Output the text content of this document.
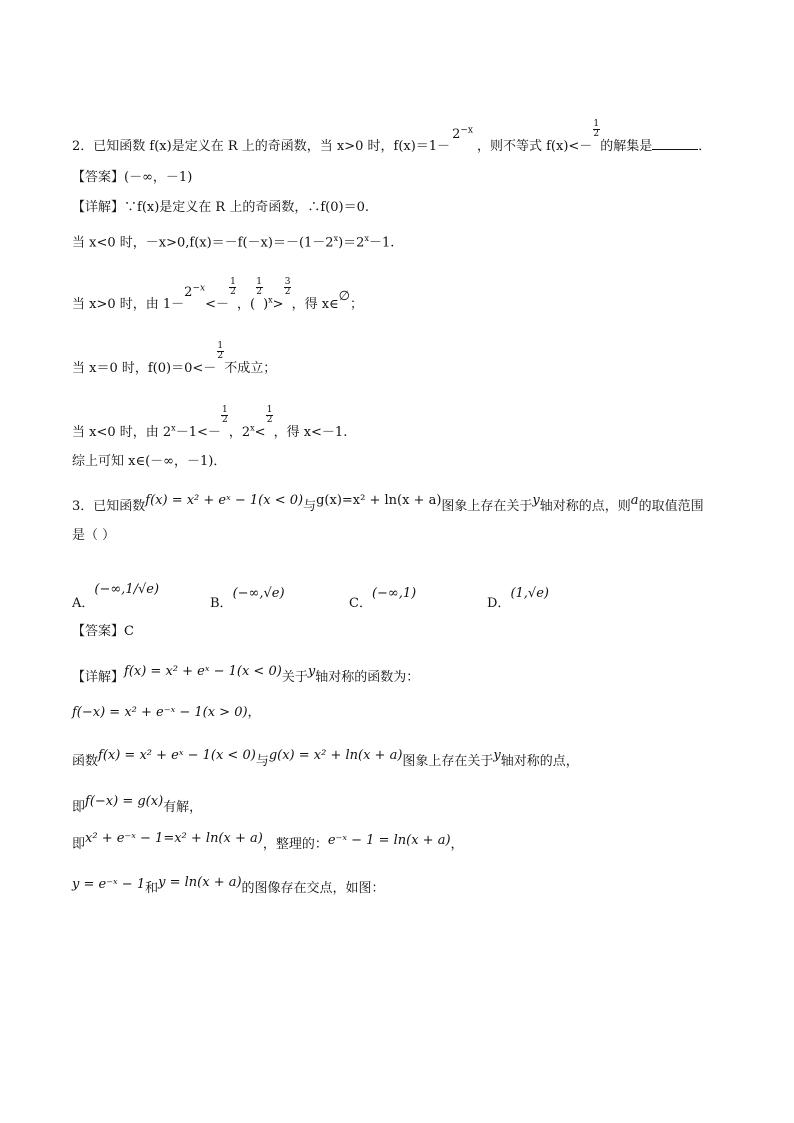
2．已知函数 f(x)是定义在 R 上的奇函数，当 x>0 时，$f(x)=1-2^{-x}$，则不等式 f(x)<－
$\frac{1}{2}$
的解集是	．
【答案】(－∞，－1)
【详解】∵f(x)是定义在 R 上的奇函数，∴f(0)＝0.
当 x<0 时，$-x>0,f(x)=-f(-x)=-(1-2^x)=2^x-1$.
当 x>0 时，由 $1-2^{-x}<-$
$\frac{1}{2}$
，(
$\frac{1}{2}$
)$^x$>
$\frac{3}{2}$
，得 x∈∅；
当 x＝0 时，f(0)＝0<－
$\frac{1}{2}$
不成立；
当 x<0 时，由 $2^x-1<-$
$\frac{1}{2}$
，$2^x<$
$\frac{1}{2}$
，得 x<－1.
综上可知 x∈(－∞，－1)．
3．已知函数f(x) = x² + eˣ − 1(x < 0)与g(x)=x² + ln(x + a)图象上存在关于y轴对称的点，则a的取值范围
是（ ）
A．(−∞,1/√e)
B．(−∞,√e)
C．(−∞,1)
D．(1,√e)
【答案】C
【详解】f(x) = x² + eˣ − 1(x < 0)关于y轴对称的函数为：
f(−x) = x² + e⁻ˣ − 1(x > 0)，
函数f(x) = x² + eˣ − 1(x < 0)与g(x) = x² + ln(x + a)图象上存在关于y轴对称的点，
即f(−x) = g(x)有解，
即x² + e⁻ˣ − 1=x² + ln(x + a)，整理的：e⁻ˣ − 1 = ln(x + a)，
y = e⁻ˣ − 1和y = ln(x + a)的图像存在交点，如图：
